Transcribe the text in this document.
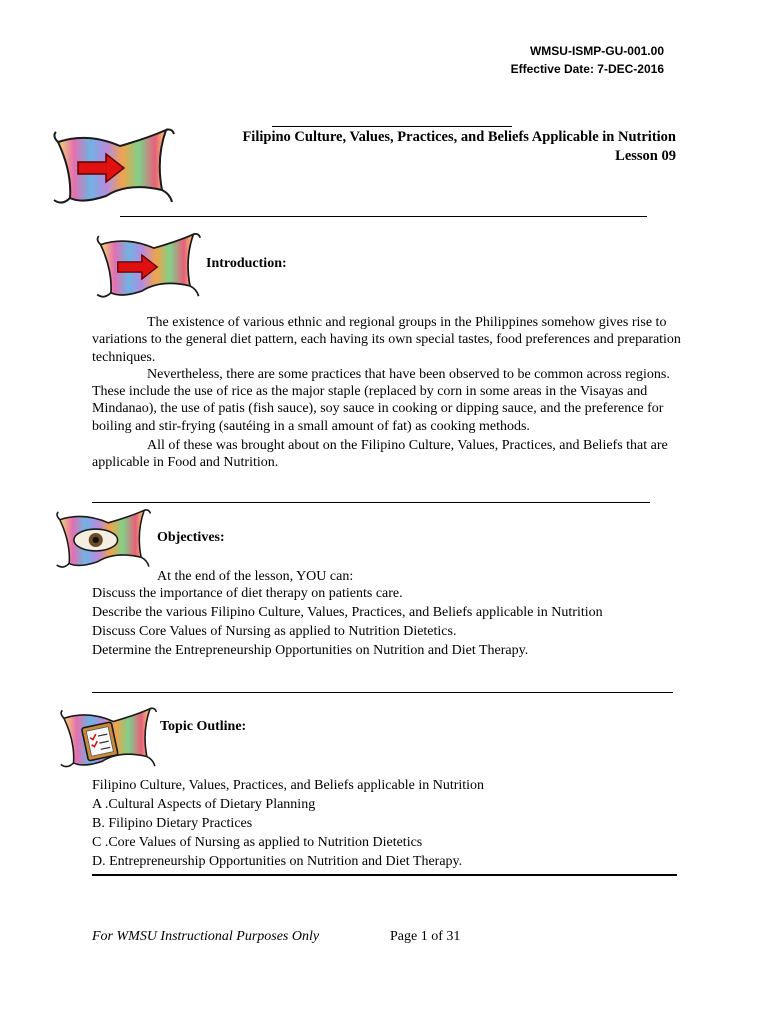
WMSU-ISMP-GU-001.00
Effective Date: 7-DEC-2016
Filipino Culture, Values, Practices, and Beliefs Applicable in Nutrition
Lesson 09
Introduction:

The existence of various ethnic and regional groups in the Philippines somehow gives rise to variations to the general diet pattern, each having its own special tastes, food preferences and preparation techniques.

Nevertheless, there are some practices that have been observed to be common across regions. These include the use of rice as the major staple (replaced by corn in some areas in the Visayas and Mindanao), the use of patis (fish sauce), soy sauce in cooking or dipping sauce, and the preference for boiling and stir-frying (sautéing in a small amount of fat) as cooking methods.

All of these was brought about on the Filipino Culture, Values, Practices, and Beliefs that are applicable in Food and Nutrition.

Objectives:
At the end of the lesson, YOU can:
Discuss the importance of diet therapy on patients care.
Describe the various Filipino Culture, Values, Practices, and Beliefs applicable in Nutrition
Discuss Core Values of Nursing as applied to Nutrition Dietetics.
Determine the Entrepreneurship Opportunities on Nutrition and Diet Therapy.
Topic Outline:
Filipino Culture, Values, Practices, and Beliefs applicable in Nutrition
A .Cultural Aspects of Dietary Planning
B. Filipino Dietary Practices
C .Core Values of Nursing as applied to Nutrition Dietetics
D. Entrepreneurship Opportunities on Nutrition and Diet Therapy.
For WMSU Instructional Purposes Only	Page 1 of 31
